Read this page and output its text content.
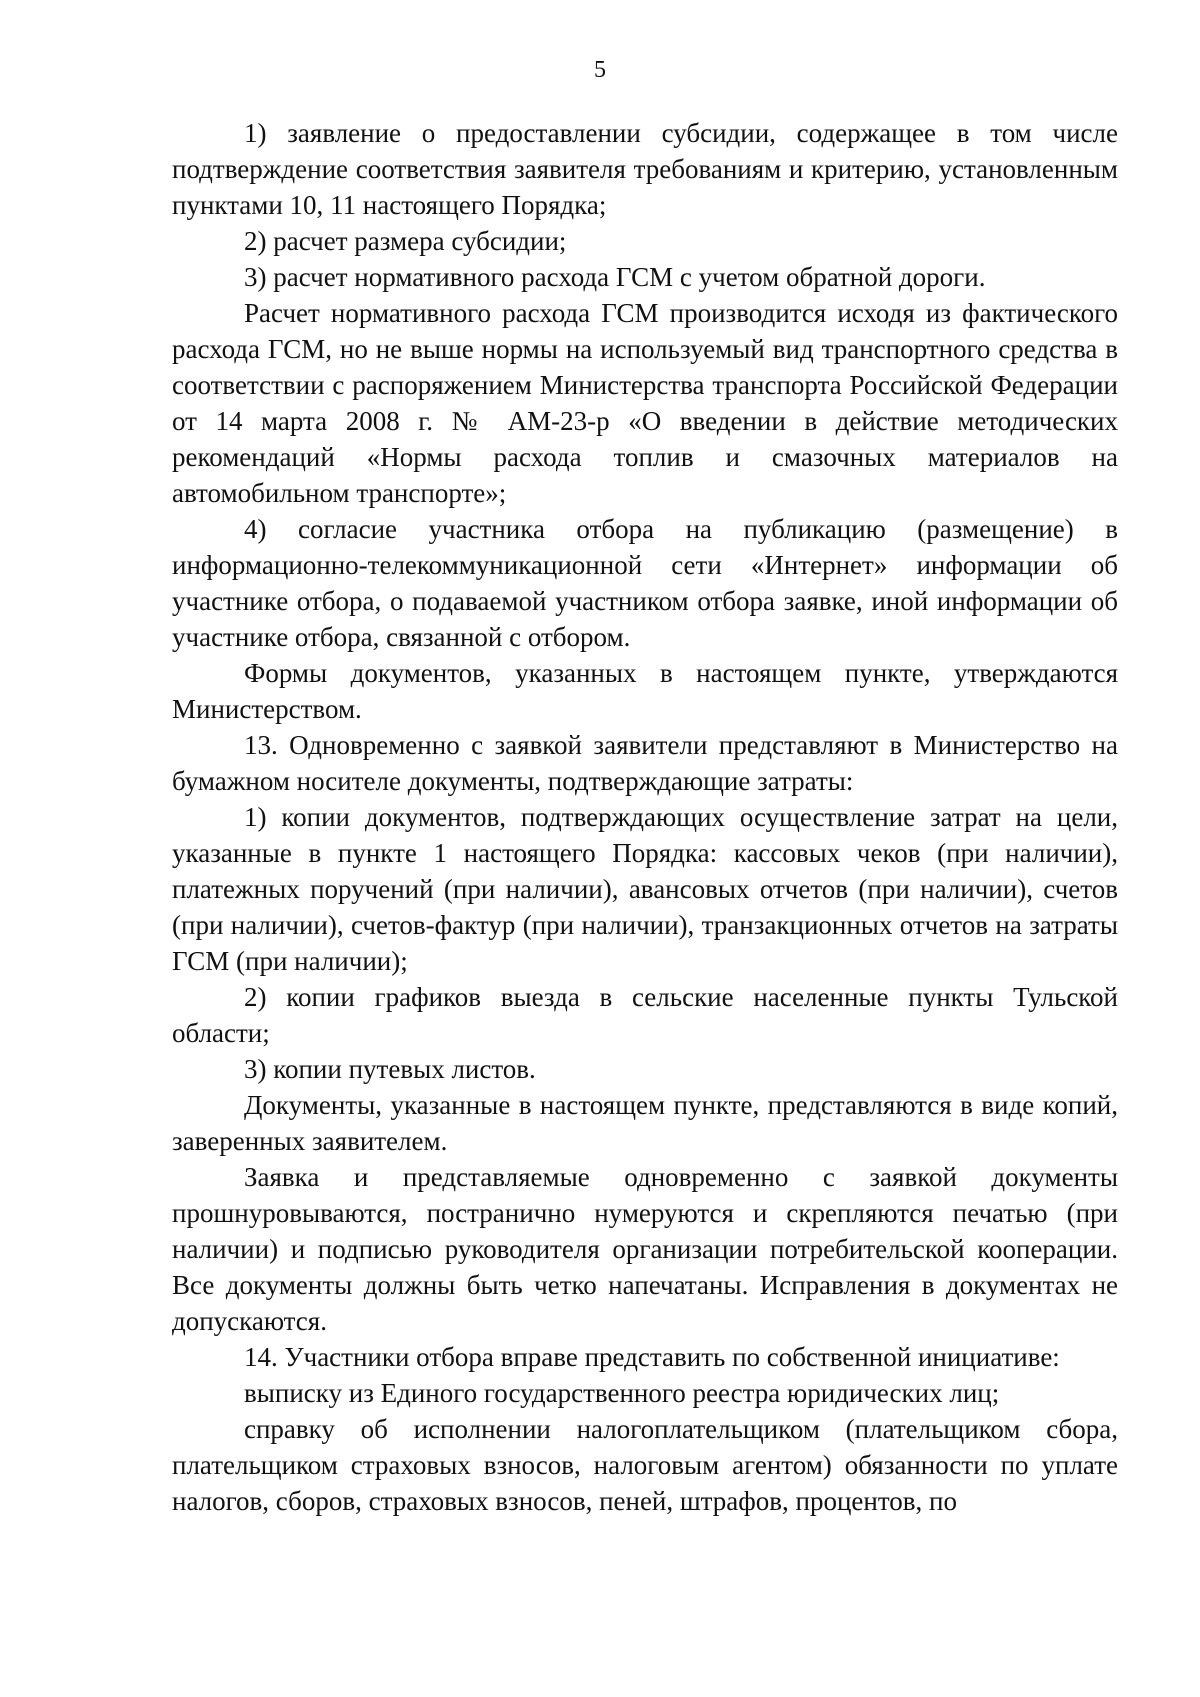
5

1) заявление о предоставлении субсидии, содержащее в том числе подтверждение соответствия заявителя требованиям и критерию, установленным пунктами 10, 11 настоящего Порядка;

2) расчет размера субсидии;

3) расчет нормативного расхода ГСМ с учетом обратной дороги.

Расчет нормативного расхода ГСМ производится исходя из фактического расхода ГСМ, но не выше нормы на используемый вид транспортного средства в соответствии с распоряжением Министерства транспорта Российской Федерации от 14 марта 2008 г. № АМ-23-р «О введении в действие методических рекомендаций «Нормы расхода топлив и смазочных материалов на автомобильном транспорте»;

4) согласие участника отбора на публикацию (размещение) в информационно-телекоммуникационной сети «Интернет» информации об участнике отбора, о подаваемой участником отбора заявке, иной информации об участнике отбора, связанной с отбором.

Формы документов, указанных в настоящем пункте, утверждаются Министерством.

13. Одновременно с заявкой заявители представляют в Министерство на бумажном носителе документы, подтверждающие затраты:

1) копии документов, подтверждающих осуществление затрат на цели, указанные в пункте 1 настоящего Порядка: кассовых чеков (при наличии), платежных поручений (при наличии), авансовых отчетов (при наличии), счетов (при наличии), счетов-фактур (при наличии), транзакционных отчетов на затраты ГСМ (при наличии);

2) копии графиков выезда в сельские населенные пункты Тульской области;

3) копии путевых листов.

Документы, указанные в настоящем пункте, представляются в виде копий, заверенных заявителем.

Заявка и представляемые одновременно с заявкой документы прошнуровываются, постранично нумеруются и скрепляются печатью (при наличии) и подписью руководителя организации потребительской кооперации. Все документы должны быть четко напечатаны. Исправления в документах не допускаются.

14. Участники отбора вправе представить по собственной инициативе:

выписку из Единого государственного реестра юридических лиц;

справку об исполнении налогоплательщиком (плательщиком сбора, плательщиком страховых взносов, налоговым агентом) обязанности по уплате налогов, сборов, страховых взносов, пеней, штрафов, процентов, по
